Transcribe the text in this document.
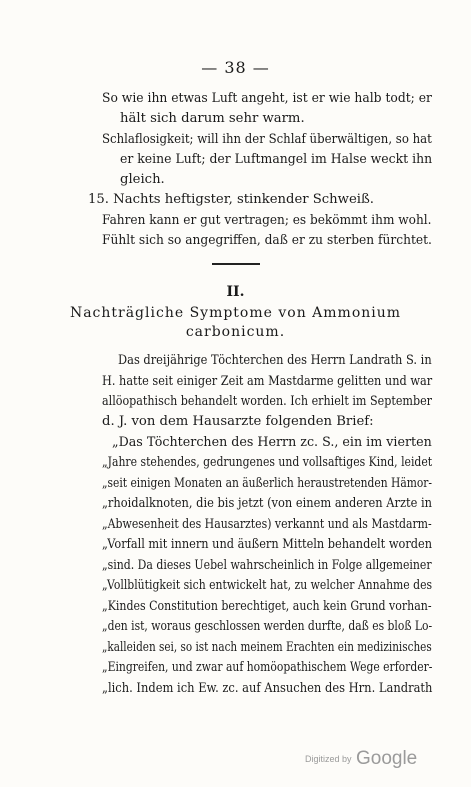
— 38 —
So wie ihn etwas Luft angeht, ist er wie halb todt; er
hält sich darum sehr warm.
Schlaflosigkeit; will ihn der Schlaf überwältigen, so hat
er keine Luft; der Luftmangel im Halse weckt ihn
gleich.
15. Nachts heftigster, stinkender Schweiß.
Fahren kann er gut vertragen; es bekömmt ihm wohl.
Fühlt sich so angegriffen, daß er zu sterben fürchtet.
II.
Nachträgliche Symptome von Ammonium
carbonicum.
Das dreijährige Töchterchen des Herrn Landrath S. in
H. hatte seit einiger Zeit am Mastdarme gelitten und war
allöopathisch behandelt worden. Ich erhielt im September
d. J. von dem Hausarzte folgenden Brief:
„Das Töchterchen des Herrn zc. S., ein im vierten
„Jahre stehendes, gedrungenes und vollsaftiges Kind, leidet
„seit einigen Monaten an äußerlich heraustretenden Hämor-
„rhoidalknoten, die bis jetzt (von einem anderen Arzte in
„Abwesenheit des Hausarztes) verkannt und als Mastdarm-
„Vorfall mit innern und äußern Mitteln behandelt worden
„sind. Da dieses Uebel wahrscheinlich in Folge allgemeiner
„Vollblütigkeit sich entwickelt hat, zu welcher Annahme des
„Kindes Constitution berechtiget, auch kein Grund vorhan-
„den ist, woraus geschlossen werden durfte, daß es bloß Lo-
„kalleiden sei, so ist nach meinem Erachten ein medizinisches
„Eingreifen, und zwar auf homöopathischem Wege erforder-
„lich. Indem ich Ew. zc. auf Ansuchen des Hrn. Landrath
Digitized by Google
